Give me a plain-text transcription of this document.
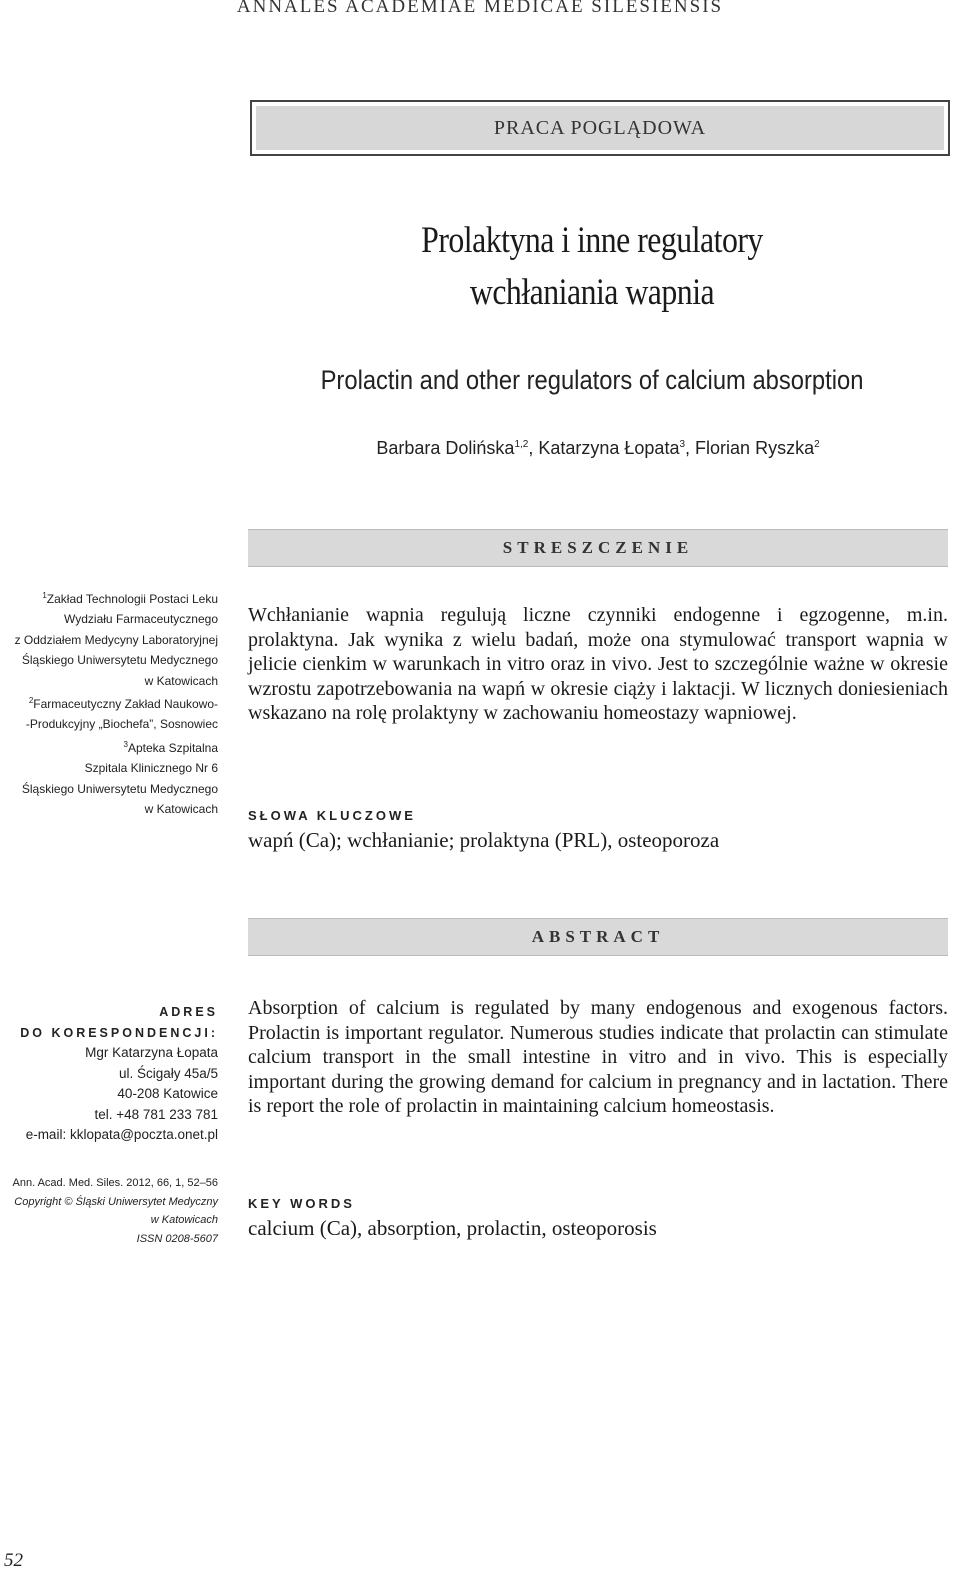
ANNALES ACADEMIAE MEDICAE SILESIENSIS
PRACA POGLĄDOWA
Prolaktyna i inne regulatory
wchłaniania wapnia
Prolactin and other regulators of calcium absorption
Barbara Dolińska$^{1,2}$, Katarzyna Łopata$^3$, Florian Ryszka$^2$
STRESZCZENIE
$^1$Zakład Technologii Postaci Leku
Wydziału Farmaceutycznego
z Oddziałem Medycyny Laboratoryjnej
Śląskiego Uniwersytetu Medycznego
w Katowicach
$^2$Farmaceutyczny Zakład Naukowo-
-Produkcyjny „Biochefa”, Sosnowiec
$^3$Apteka Szpitalna
Szpitala Klinicznego Nr 6
Śląskiego Uniwersytetu Medycznego
w Katowicach
Wchłanianie wapnia regulują liczne czynniki endogenne i egzogenne, m.in. prolaktyna. Jak wynika z wielu badań, może ona stymulować transport wapnia w jelicie cienkim w warunkach in vitro oraz in vivo. Jest to szczególnie ważne w okresie wzrostu zapotrzebowania na wapń w okresie ciąży i laktacji. W licznych doniesieniach wskazano na rolę prolaktyny w zachowaniu homeostazy wapniowej.
SŁOWA KLUCZOWE
wapń (Ca); wchłanianie; prolaktyna (PRL), osteoporoza
ABSTRACT
ADRES
DO KORESPONDENCJI:
Mgr Katarzyna Łopata
ul. Ścigały 45a/5
40-208 Katowice
tel. +48 781 233 781
e-mail: kklopata@poczta.onet.pl
Absorption of calcium is regulated by many endogenous and exogenous factors. Prolactin is important regulator. Numerous studies indicate that prolactin can stimulate calcium transport in the small intestine in vitro and in vivo. This is especially important during the growing demand for calcium in pregnancy and in lactation. There is report the role of prolactin in maintaining calcium homeostasis.
Ann. Acad. Med. Siles. 2012, 66, 1, 52–56
Copyright © Śląski Uniwersytet Medyczny
w Katowicach
ISSN 0208-5607
KEY WORDS
calcium (Ca), absorption, prolactin, osteoporosis
52
